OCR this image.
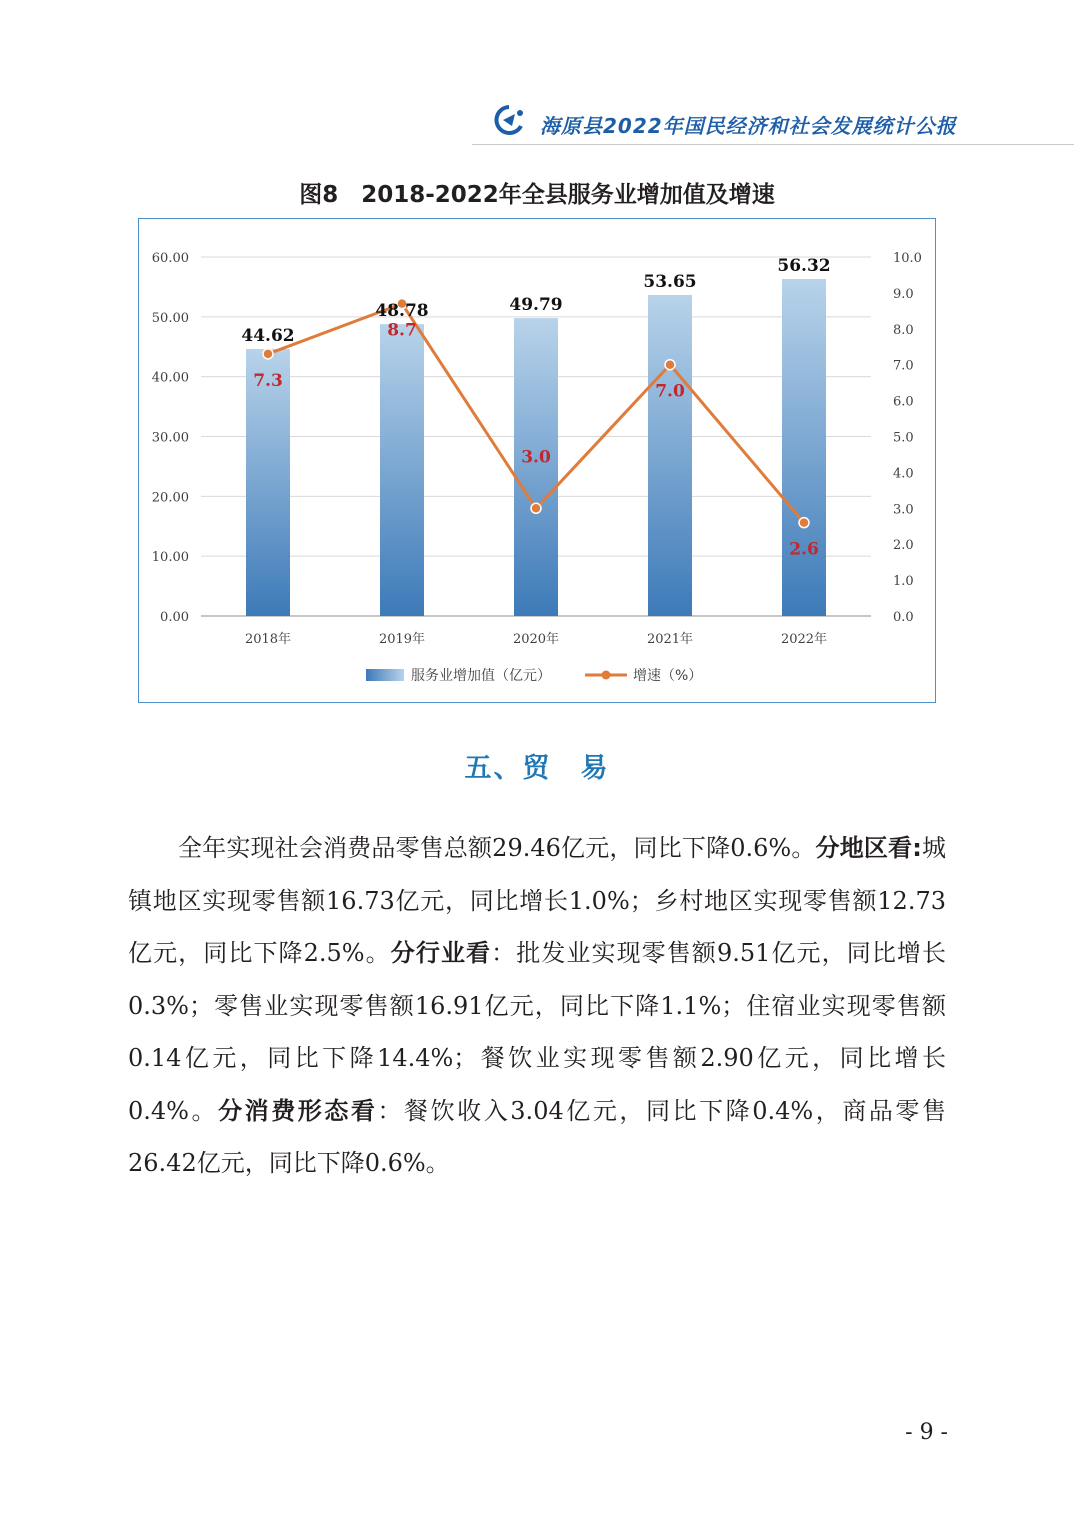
海原县2022年国民经济和社会发展统计公报
图8　2018-2022年全县服务业增加值及增速
44.62
48.78	49.79
53.65
56.32
7.3
8.7
3.0
7.0
2.6
0.00
10.00
20.00
30.00
40.00
50.00
60.00
0.0
1.0
2.0
3.0
4.0
5.0
6.0
7.0
8.0
9.0
10.0
2018年	2019年	2020年	2021年	2022年
服务业增加值（亿元）	增速（%）
五、贸　易
全年实现社会消费品零售总额29.46亿元，同比下降0.6%。分地区看:城镇地区实现零售额16.73亿元，同比增长1.0%；乡村地区实现零售额12.73亿元，同比下降2.5%。分行业看：批发业实现零售额9.51亿元，同比增长0.3%；零售业实现零售额16.91亿元，同比下降1.1%；住宿业实现零售额0.14亿元，同比下降14.4%；餐饮业实现零售额2.90亿元，同比增长0.4%。分消费形态看：餐饮收入3.04亿元，同比下降0.4%，商品零售26.42亿元，同比下降0.6%。
- 9 -
